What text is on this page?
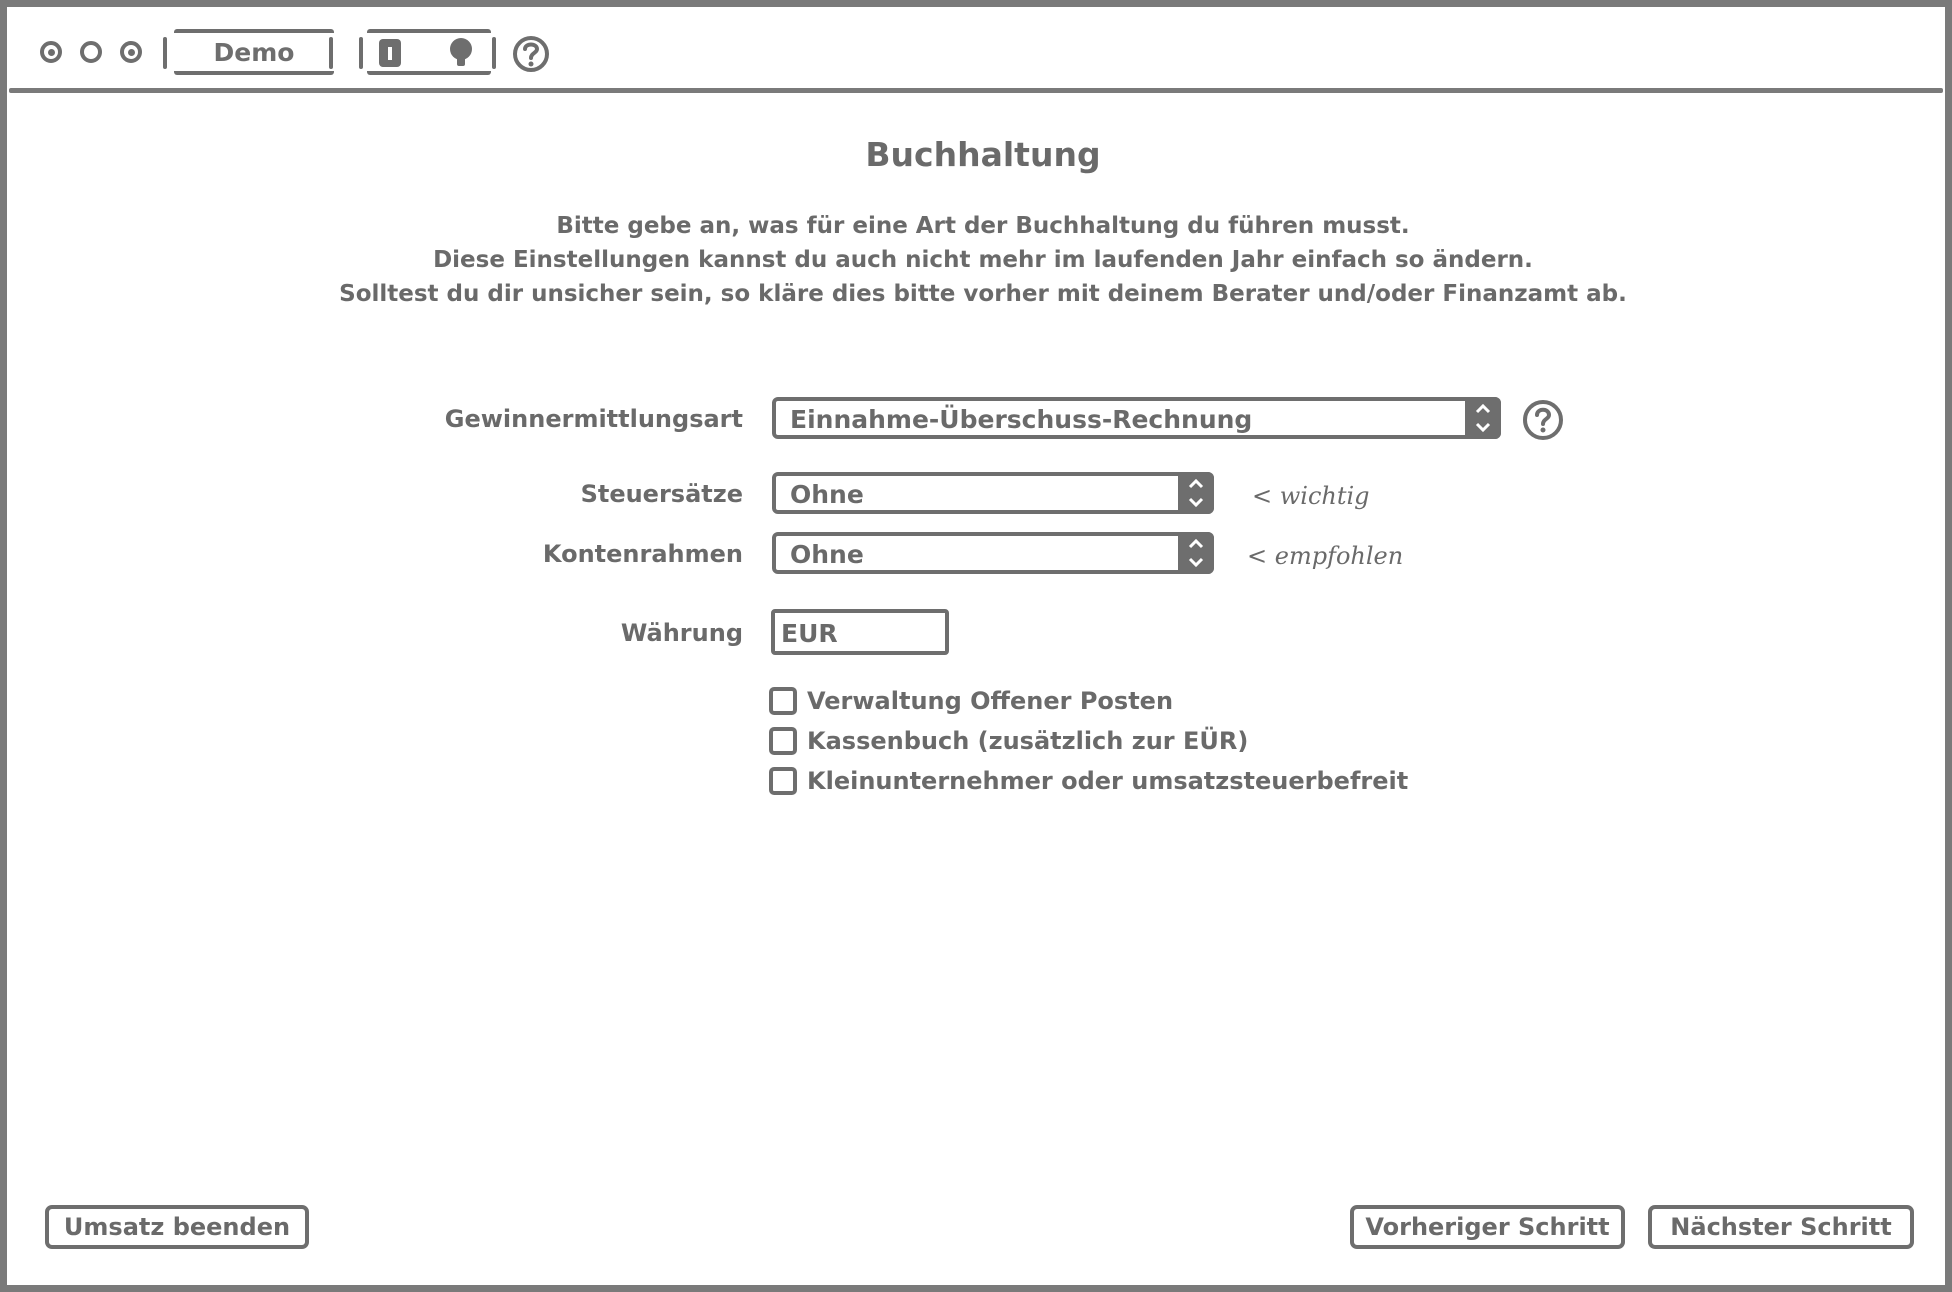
Demo
Buchhaltung
Bitte gebe an, was für eine Art der Buchhaltung du führen musst.
Diese Einstellungen kannst du auch nicht mehr im laufenden Jahr einfach so ändern.
Solltest du dir unsicher sein, so kläre dies bitte vorher mit deinem Berater und/oder Finanzamt ab.
Gewinnermittlungsart Einnahme-Überschuss-Rechnung
Steuersätze Ohne	< wichtig
Kontenrahmen Ohne	< empfohlen
Währung EUR
Verwaltung Offener Posten
Kassenbuch (zusätzlich zur EÜR)
Kleinunternehmer oder umsatzsteuerbefreit
Umsatz beenden	Vorheriger Schritt	Nächster Schritt
